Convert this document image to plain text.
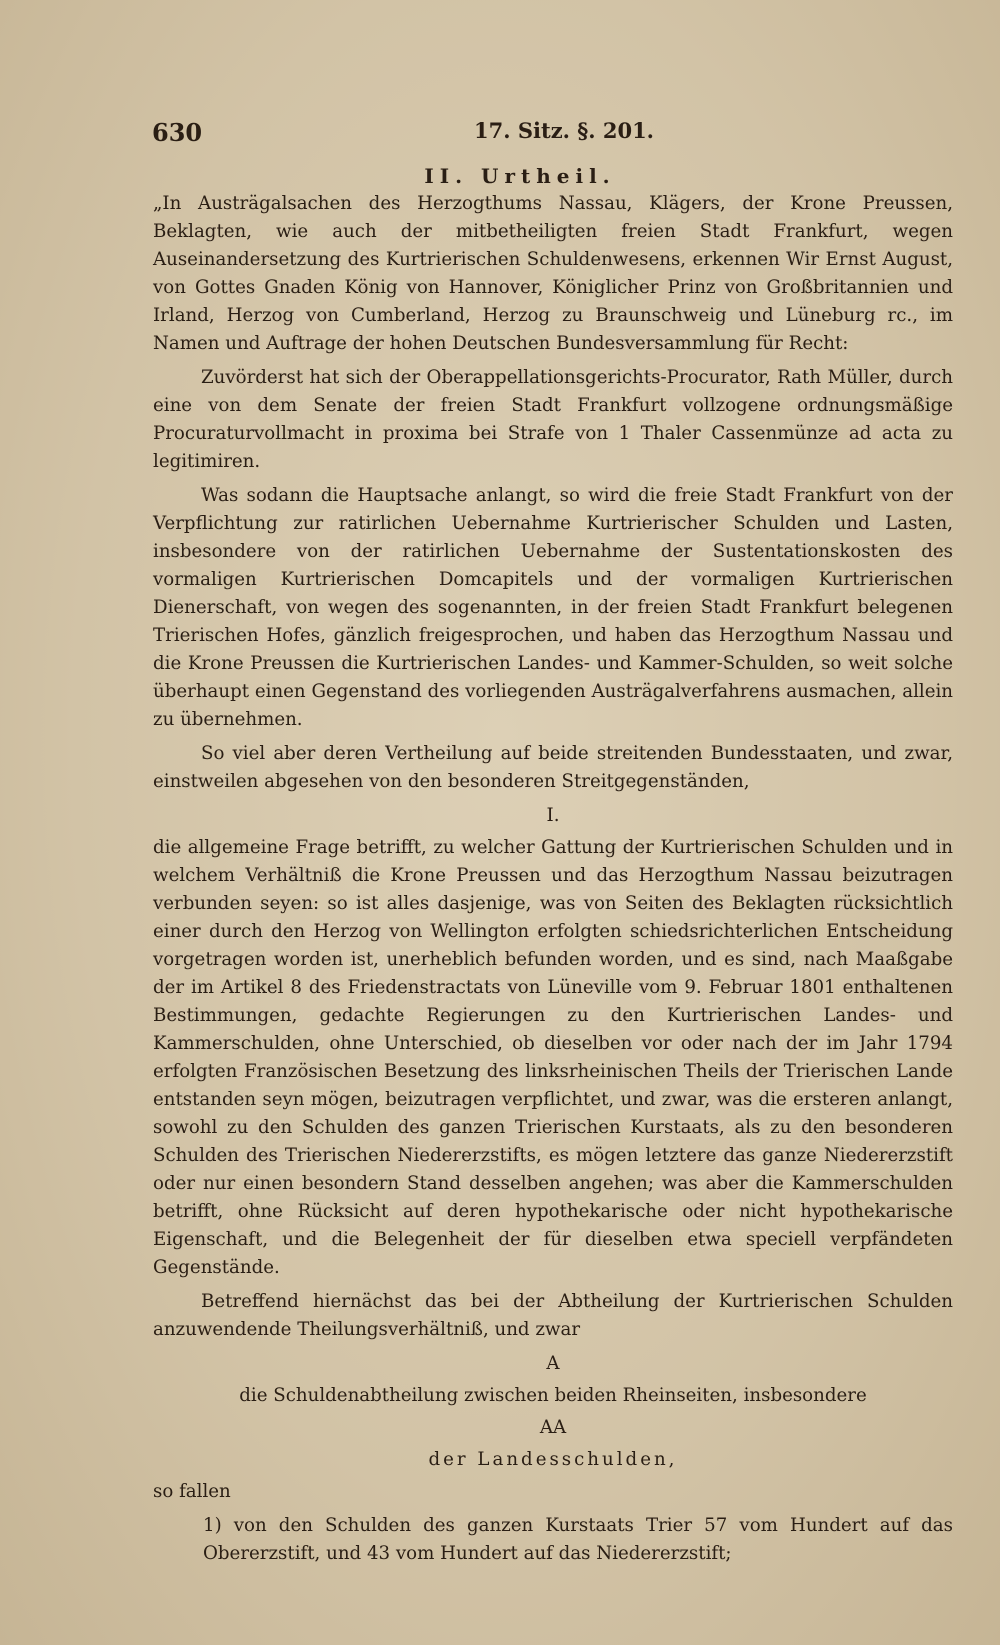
630	17. Sitz. §. 201.
II. Urtheil.

„In Austrägalsachen des Herzogthums Nassau, Klägers, der Krone Preussen, Beklagten, wie auch der mitbetheiligten freien Stadt Frankfurt, wegen Auseinandersetzung des Kurtrierischen Schuldenwesens, erkennen Wir Ernst August, von Gottes Gnaden König von Hannover, Königlicher Prinz von Großbritannien und Irland, Herzog von Cumberland, Herzog zu Braunschweig und Lüneburg rc., im Namen und Auftrage der hohen Deutschen Bundesversammlung für Recht:

Zuvörderst hat sich der Oberappellationsgerichts-Procurator, Rath Müller, durch eine von dem Senate der freien Stadt Frankfurt vollzogene ordnungsmäßige Procuraturvollmacht in proxima bei Strafe von 1 Thaler Cassenmünze ad acta zu legitimiren.

Was sodann die Hauptsache anlangt, so wird die freie Stadt Frankfurt von der Verpflichtung zur ratirlichen Uebernahme Kurtrierischer Schulden und Lasten, insbesondere von der ratirlichen Uebernahme der Sustentationskosten des vormaligen Kurtrierischen Domcapitels und der vormaligen Kurtrierischen Dienerschaft, von wegen des sogenannten, in der freien Stadt Frankfurt belegenen Trierischen Hofes, gänzlich freigesprochen, und haben das Herzogthum Nassau und die Krone Preussen die Kurtrierischen Landes- und Kammer-Schulden, so weit solche überhaupt einen Gegenstand des vorliegenden Austrägalverfahrens ausmachen, allein zu übernehmen.

So viel aber deren Vertheilung auf beide streitenden Bundesstaaten, und zwar, einstweilen abgesehen von den besonderen Streitgegenständen,

I.

die allgemeine Frage betrifft, zu welcher Gattung der Kurtrierischen Schulden und in welchem Verhältniß die Krone Preussen und das Herzogthum Nassau beizutragen verbunden seyen: so ist alles dasjenige, was von Seiten des Beklagten rücksichtlich einer durch den Herzog von Wellington erfolgten schiedsrichterlichen Entscheidung vorgetragen worden ist, unerheblich befunden worden, und es sind, nach Maaßgabe der im Artikel 8 des Friedenstractats von Lüneville vom 9. Februar 1801 enthaltenen Bestimmungen, gedachte Regierungen zu den Kurtrierischen Landes- und Kammerschulden, ohne Unterschied, ob dieselben vor oder nach der im Jahr 1794 erfolgten Französischen Besetzung des linksrheinischen Theils der Trierischen Lande entstanden seyn mögen, beizutragen verpflichtet, und zwar, was die ersteren anlangt, sowohl zu den Schulden des ganzen Trierischen Kurstaats, als zu den besonderen Schulden des Trierischen Niedererzstifts, es mögen letztere das ganze Niedererzstift oder nur einen besondern Stand desselben angehen; was aber die Kammerschulden betrifft, ohne Rücksicht auf deren hypothekarische oder nicht hypothekarische Eigenschaft, und die Belegenheit der für dieselben etwa speciell verpfändeten Gegenstände.

Betreffend hiernächst das bei der Abtheilung der Kurtrierischen Schulden anzuwendende Theilungsverhältniß, und zwar

A
die Schuldenabtheilung zwischen beiden Rheinseiten, insbesondere
AA
der Landesschulden,

so fallen

1) von den Schulden des ganzen Kurstaats Trier 57 vom Hundert auf das Obererzstift, und 43 vom Hundert auf das Niedererzstift;
